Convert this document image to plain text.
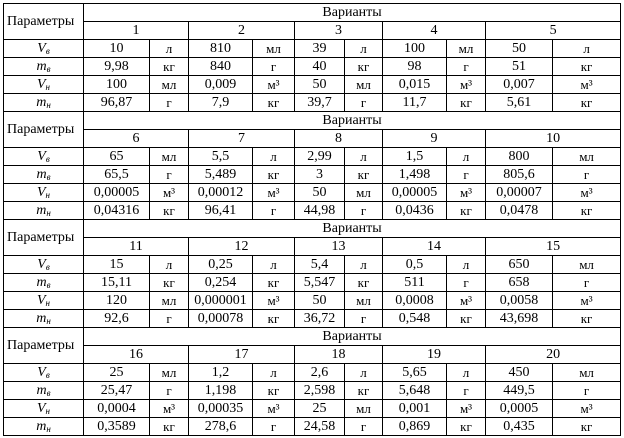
Параметры	Варианты									
	1		2		3		4		5	
$V_в$	10	л	810	мл	39	л	100	мл	50	л
$m_в$	9,98	кг	840	г	40	кг	98	г	51	кг
$V_н$	100	мл	0,009	м³	50	мл	0,015	м³	0,007	м³
$m_н$	96,87	г	7,9	кг	39,7	г	11,7	кг	5,61	кг
Параметры	Варианты									
	6		7		8		9		10	
$V_в$	65	мл	5,5	л	2,99	л	1,5	л	800	мл
$m_в$	65,5	г	5,489	кг	3	кг	1,498	г	805,6	г
$V_н$	0,00005	м³	0,00012	м³	50	мл	0,00005	м³	0,00007	м³
$m_н$	0,04316	кг	96,41	г	44,98	г	0,0436	кг	0,0478	кг
Параметры	Варианты									
	11		12		13		14		15	
$V_в$	15	л	0,25	л	5,4	л	0,5	л	650	мл
$m_в$	15,11	кг	0,254	кг	5,547	кг	511	г	658	г
$V_н$	120	мл	0,000001	м³	50	мл	0,0008	м³	0,0058	м³
$m_н$	92,6	г	0,00078	кг	36,72	г	0,548	кг	43,698	кг
Параметры	Варианты									
	16		17		18		19		20	
$V_в$	25	мл	1,2	л	2,6	л	5,65	л	450	мл
$m_в$	25,47	г	1,198	кг	2,598	кг	5,648	г	449,5	г
$V_н$	0,0004	м³	0,00035	м³	25	мл	0,001	м³	0,0005	м³
$m_н$	0,3589	кг	278,6	г	24,58	г	0,869	кг	0,435	кг
